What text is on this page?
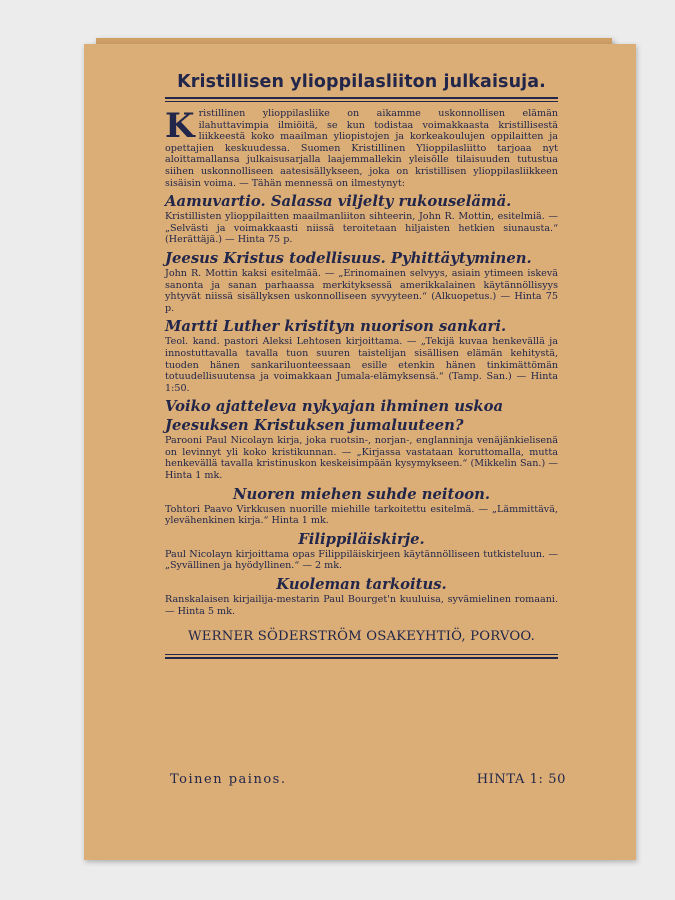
Kristillisen ylioppilasliiton julkaisuja.
K ristillinen ylioppilasliike on aikamme uskonnollisen elämän ilahuttavimpia ilmiöitä, se kun todistaa voimakkaasta kristillisestä liikkeestä koko maailman yliopistojen ja korkeakoulujen oppilaitten ja opettajien keskuudessa. Suomen Kristillinen Ylioppilasliitto tarjoaa nyt aloittamallansa julkaisusarjalla laajemmallekin yleisölle tilaisuuden tutustua siihen uskonnolliseen aatesisällykseen, joka on kristillisen ylioppilasliikkeen sisäisin voima. — Tähän mennessä on ilmestynyt:
Aamuvartio. Salassa viljelty rukouselämä.
Kristillisten ylioppilaitten maailmanliiton sihteerin, John R. Mottin, esitelmiä. — „Selvästi ja voimakkaasti niissä teroitetaan hiljaisten hetkien siunausta.“ (Herättäjä.) — Hinta 75 p.
Jeesus Kristus todellisuus. Pyhittäytyminen.
John R. Mottin kaksi esitelmää. — „Erinomainen selvyys, asiain ytimeen iskevä sanonta ja sanan parhaassa merkityksessä amerikkalainen käytännöllisyys yhtyvät niissä sisällyksen uskonnolliseen syvyyteen.“ (Alkuopetus.) — Hinta 75 p.
Martti Luther kristityn nuorison sankari.
Teol. kand. pastori Aleksi Lehtosen kirjoittama. — „Tekijä kuvaa henkevällä ja innostuttavalla tavalla tuon suuren taistelijan sisällisen elämän kehitystä, tuoden hänen sankariluonteessaan esille etenkin hänen tinkimättömän totuudellisuutensa ja voimakkaan Jumala-elämyksensä.“ (Tamp. San.) — Hinta 1:50.
Voiko ajatteleva nykyajan ihminen uskoa Jeesuksen Kristuksen jumaluuteen?
Parooni Paul Nicolayn kirja, joka ruotsin-, norjan-, englanninja venäjänkielisenä on levinnyt yli koko kristikunnan. — „Kirjassa vastataan koruttomalla, mutta henkevällä tavalla kristinuskon keskeisimpään kysymykseen.“ (Mikkelin San.) — Hinta 1 mk.
Nuoren miehen suhde neitoon.
Tohtori Paavo Virkkusen nuorille miehille tarkoitettu esitelmä. — „Lämmittävä, ylevähenkinen kirja.“ Hinta 1 mk.
Filippiläiskirje.
Paul Nicolayn kirjoittama opas Filippiläiskirjeen käytännölliseen tutkisteluun. — „Syvällinen ja hyödyllinen.“ — 2 mk.
Kuoleman tarkoitus.
Ranskalaisen kirjailija-mestarin Paul Bourget'n kuuluisa, syvämielinen romaani. — Hinta 5 mk.
WERNER SÖDERSTRÖM OSAKEYHTIÖ, PORVOO.
Toinen painos.	HINTA 1: 50
